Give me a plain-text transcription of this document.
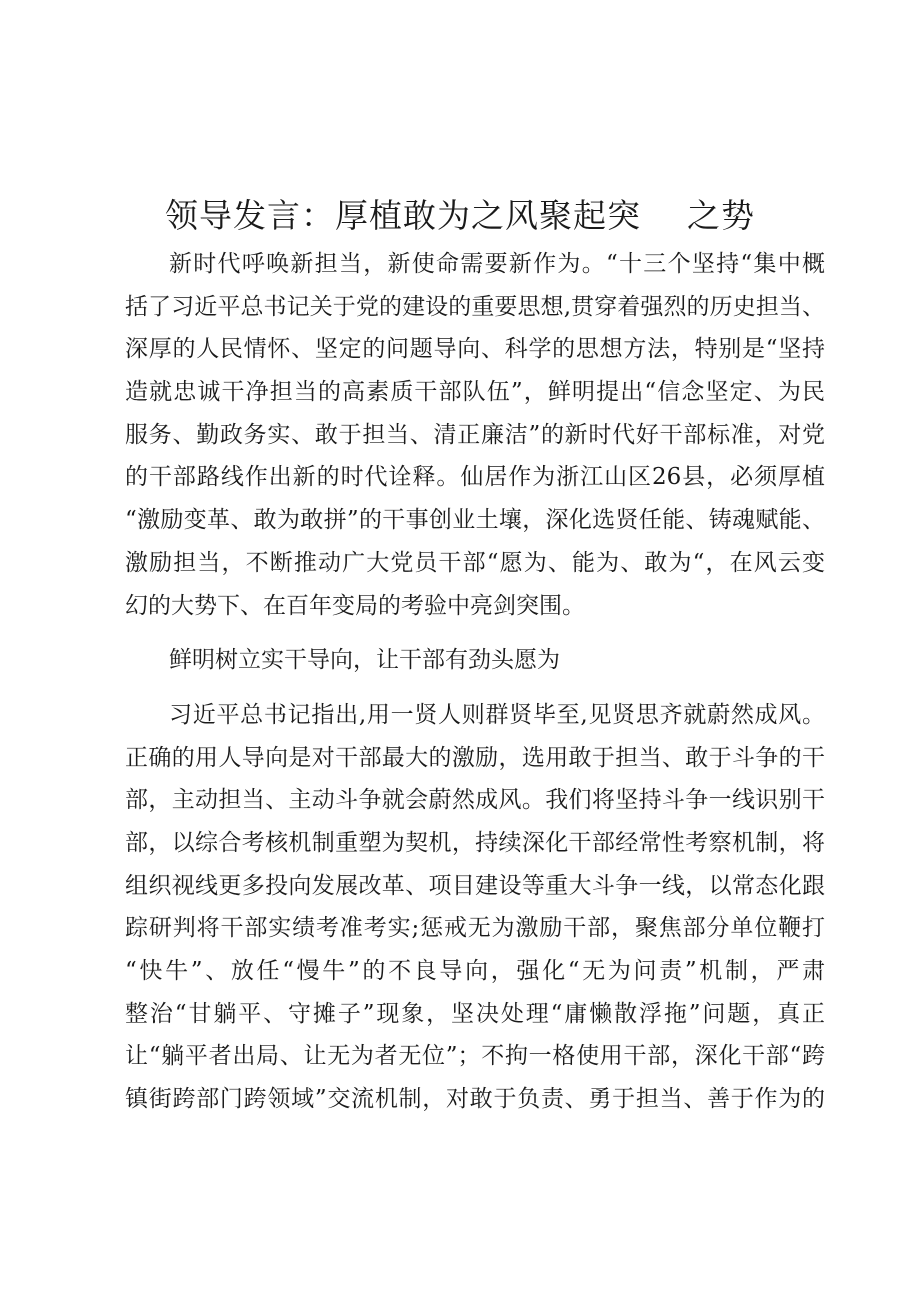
领导发言：厚植敢为之风聚起突    之势
新时代呼唤新担当，新使命需要新作为。“十三个坚持“集中概
括了习近平总书记关于党的建设的重要思想,贯穿着强烈的历史担当、
深厚的人民情怀、坚定的问题导向、科学的思想方法，特别是“坚持
造就忠诚干净担当的高素质干部队伍”，鲜明提出“信念坚定、为民
服务、勤政务实、敢于担当、清正廉洁”的新时代好干部标准，对党
的干部路线作出新的时代诠释。仙居作为浙江山区26县，必须厚植
“激励变革、敢为敢拼”的干事创业土壤，深化选贤任能、铸魂赋能、
激励担当，不断推动广大党员干部“愿为、能为、敢为“，在风云变
幻的大势下、在百年变局的考验中亮剑突围。
鲜明树立实干导向，让干部有劲头愿为
习近平总书记指出,用一贤人则群贤毕至,见贤思齐就蔚然成风。
正确的用人导向是对干部最大的激励，选用敢于担当、敢于斗争的干
部，主动担当、主动斗争就会蔚然成风。我们将坚持斗争一线识别干
部，以综合考核机制重塑为契机，持续深化干部经常性考察机制，将
组织视线更多投向发展改革、项目建设等重大斗争一线，以常态化跟
踪研判将干部实绩考准考实;惩戒无为激励干部，聚焦部分单位鞭打
“快牛”、放任“慢牛”的不良导向，强化“无为问责”机制，严肃
整治“甘躺平、守摊子”现象，坚决处理“庸懒散浮拖”问题，真正
让“躺平者出局、让无为者无位”；不拘一格使用干部，深化干部“跨
镇街跨部门跨领域”交流机制，对敢于负责、勇于担当、善于作为的
